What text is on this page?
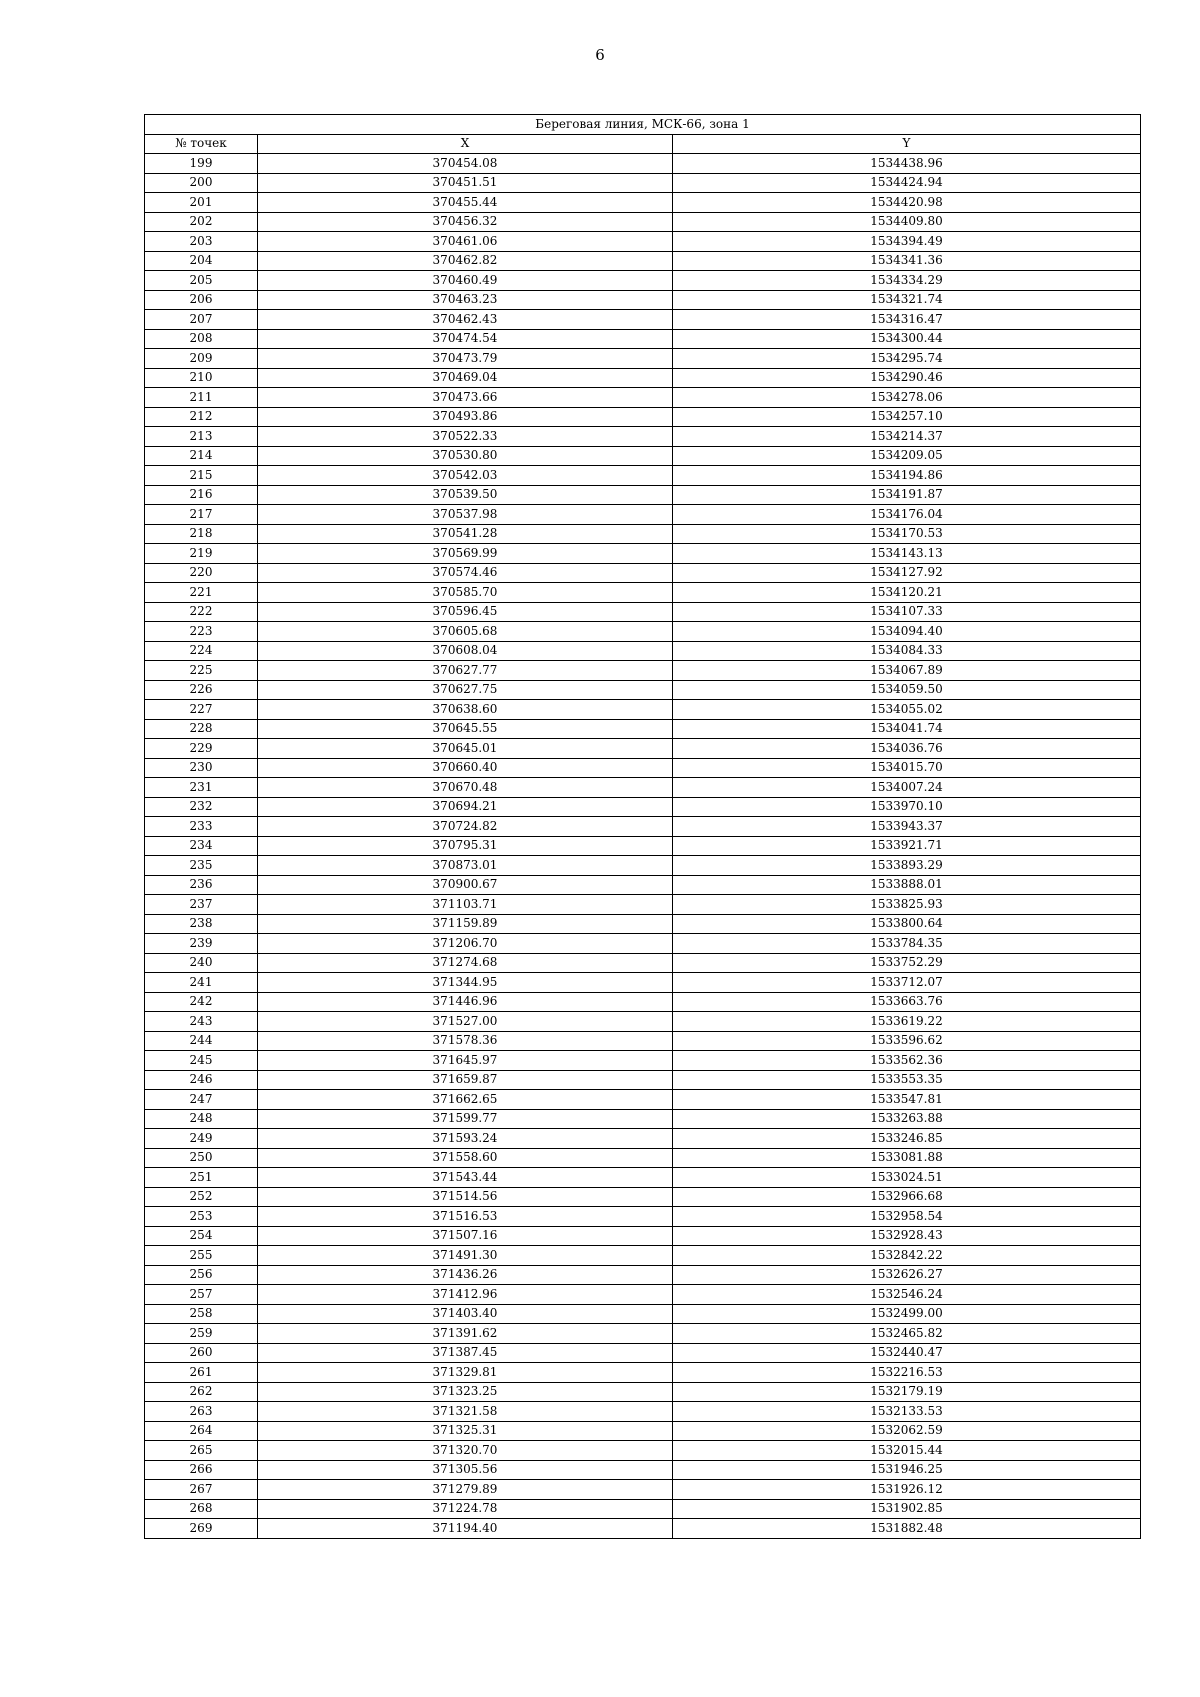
6
Береговая линия, МСК-66, зона 1		
№ точек	X	Y
199	370454.08	1534438.96
200	370451.51	1534424.94
201	370455.44	1534420.98
202	370456.32	1534409.80
203	370461.06	1534394.49
204	370462.82	1534341.36
205	370460.49	1534334.29
206	370463.23	1534321.74
207	370462.43	1534316.47
208	370474.54	1534300.44
209	370473.79	1534295.74
210	370469.04	1534290.46
211	370473.66	1534278.06
212	370493.86	1534257.10
213	370522.33	1534214.37
214	370530.80	1534209.05
215	370542.03	1534194.86
216	370539.50	1534191.87
217	370537.98	1534176.04
218	370541.28	1534170.53
219	370569.99	1534143.13
220	370574.46	1534127.92
221	370585.70	1534120.21
222	370596.45	1534107.33
223	370605.68	1534094.40
224	370608.04	1534084.33
225	370627.77	1534067.89
226	370627.75	1534059.50
227	370638.60	1534055.02
228	370645.55	1534041.74
229	370645.01	1534036.76
230	370660.40	1534015.70
231	370670.48	1534007.24
232	370694.21	1533970.10
233	370724.82	1533943.37
234	370795.31	1533921.71
235	370873.01	1533893.29
236	370900.67	1533888.01
237	371103.71	1533825.93
238	371159.89	1533800.64
239	371206.70	1533784.35
240	371274.68	1533752.29
241	371344.95	1533712.07
242	371446.96	1533663.76
243	371527.00	1533619.22
244	371578.36	1533596.62
245	371645.97	1533562.36
246	371659.87	1533553.35
247	371662.65	1533547.81
248	371599.77	1533263.88
249	371593.24	1533246.85
250	371558.60	1533081.88
251	371543.44	1533024.51
252	371514.56	1532966.68
253	371516.53	1532958.54
254	371507.16	1532928.43
255	371491.30	1532842.22
256	371436.26	1532626.27
257	371412.96	1532546.24
258	371403.40	1532499.00
259	371391.62	1532465.82
260	371387.45	1532440.47
261	371329.81	1532216.53
262	371323.25	1532179.19
263	371321.58	1532133.53
264	371325.31	1532062.59
265	371320.70	1532015.44
266	371305.56	1531946.25
267	371279.89	1531926.12
268	371224.78	1531902.85
269	371194.40	1531882.48
